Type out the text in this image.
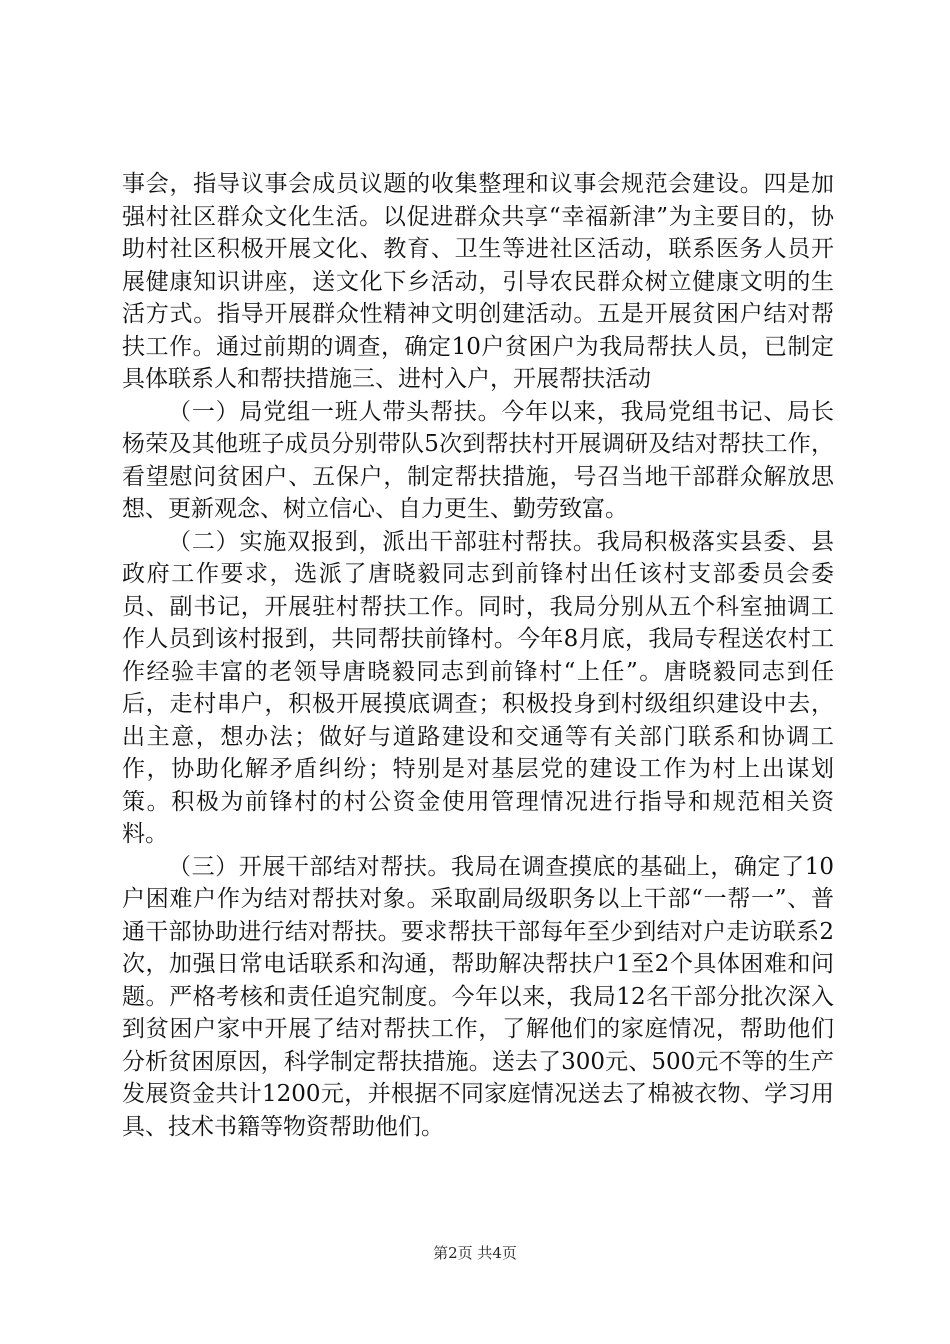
事会，指导议事会成员议题的收集整理和议事会规范会建设。四是加强村社区群众文化生活。以促进群众共享“幸福新津”为主要目的，协助村社区积极开展文化、教育、卫生等进社区活动，联系医务人员开展健康知识讲座，送文化下乡活动，引导农民群众树立健康文明的生活方式。指导开展群众性精神文明创建活动。五是开展贫困户结对帮扶工作。通过前期的调查，确定10户贫困户为我局帮扶人员，已制定具体联系人和帮扶措施三、进村入户，开展帮扶活动

（一）局党组一班人带头帮扶。今年以来，我局党组书记、局长杨荣及其他班子成员分别带队5次到帮扶村开展调研及结对帮扶工作，看望慰问贫困户、五保户，制定帮扶措施，号召当地干部群众解放思想、更新观念、树立信心、自力更生、勤劳致富。

（二）实施双报到，派出干部驻村帮扶。我局积极落实县委、县政府工作要求，选派了唐晓毅同志到前锋村出任该村支部委员会委员、副书记，开展驻村帮扶工作。同时，我局分别从五个科室抽调工作人员到该村报到，共同帮扶前锋村。今年8月底，我局专程送农村工作经验丰富的老领导唐晓毅同志到前锋村“上任”。唐晓毅同志到任后，走村串户，积极开展摸底调查；积极投身到村级组织建设中去，出主意，想办法；做好与道路建设和交通等有关部门联系和协调工作，协助化解矛盾纠纷；特别是对基层党的建设工作为村上出谋划策。积极为前锋村的村公资金使用管理情况进行指导和规范相关资料。

（三）开展干部结对帮扶。我局在调查摸底的基础上，确定了10户困难户作为结对帮扶对象。采取副局级职务以上干部“一帮一”、普通干部协助进行结对帮扶。要求帮扶干部每年至少到结对户走访联系2次，加强日常电话联系和沟通，帮助解决帮扶户1至2个具体困难和问题。严格考核和责任追究制度。今年以来，我局12名干部分批次深入到贫困户家中开展了结对帮扶工作，了解他们的家庭情况，帮助他们分析贫困原因，科学制定帮扶措施。送去了300元、500元不等的生产发展资金共计1200元，并根据不同家庭情况送去了棉被衣物、学习用具、技术书籍等物资帮助他们。

第2页 共4页
